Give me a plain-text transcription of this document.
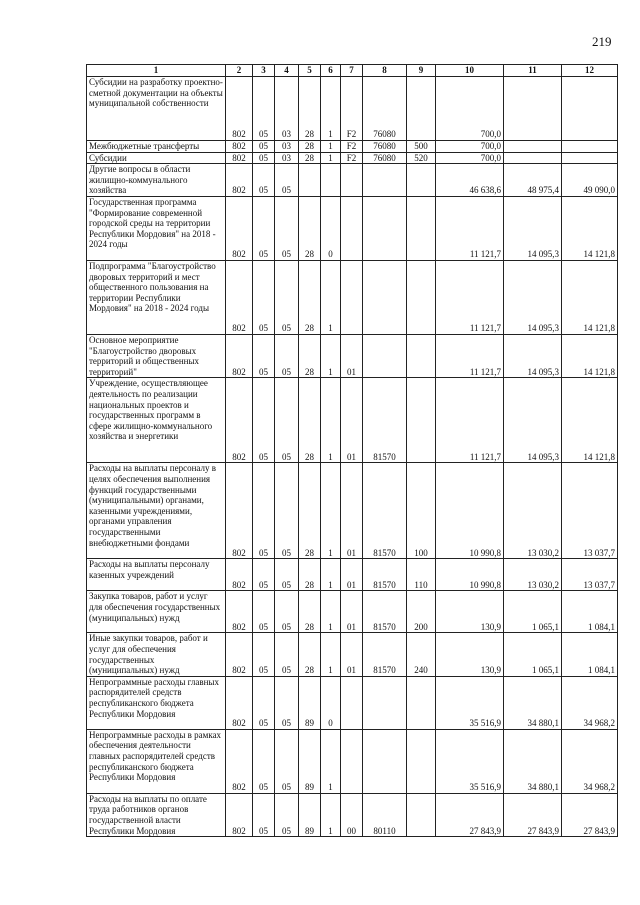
219
1	2	3	4	5	6	7	8	9	10	11	12

Субсидии на разработку проектно-сметной документации на объекты муниципальной собственности	802	05	03	28	1	F2	76080		700,0		

Межбюджетные трансферты	802	05	03	28	1	F2	76080	500	700,0		

Субсидии	802	05	03	28	1	F2	76080	520	700,0		

Другие вопросы в области жилищно-коммунального хозяйства	802	05	05						46 638,6	48 975,4	49 090,0

Государственная программа "Формирование современной городской среды на территории Республики Мордовия" на 2018 - 2024 годы	802	05	05	28	0				11 121,7	14 095,3	14 121,8

Подпрограмма "Благоустройство дворовых территорий и мест общественного пользования на территории Республики Мордовия" на 2018 - 2024 годы	802	05	05	28	1				11 121,7	14 095,3	14 121,8

Основное мероприятие "Благоустройство дворовых территорий и общественных территорий"	802	05	05	28	1	01			11 121,7	14 095,3	14 121,8

Учреждение, осуществляющее деятельность по реализации национальных проектов и государственных программ в сфере жилищно-коммунального хозяйства и энергетики	802	05	05	28	1	01	81570		11 121,7	14 095,3	14 121,8

Расходы на выплаты персоналу в целях обеспечения выполнения функций государственными (муниципальными) органами, казенными учреждениями, органами управления государственными внебюджетными фондами	802	05	05	28	1	01	81570	100	10 990,8	13 030,2	13 037,7

Расходы на выплаты персоналу казенных учреждений	802	05	05	28	1	01	81570	110	10 990,8	13 030,2	13 037,7

Закупка товаров, работ и услуг для обеспечения государственных (муниципальных) нужд	802	05	05	28	1	01	81570	200	130,9	1 065,1	1 084,1

Иные закупки товаров, работ и услуг для обеспечения государственных (муниципальных) нужд	802	05	05	28	1	01	81570	240	130,9	1 065,1	1 084,1

Непрограммные расходы главных распорядителей средств республиканского бюджета Республики Мордовия	802	05	05	89	0				35 516,9	34 880,1	34 968,2

Непрограммные расходы в рамках обеспечения деятельности главных распорядителей средств республиканского бюджета Республики Мордовия	802	05	05	89	1				35 516,9	34 880,1	34 968,2

Расходы на выплаты по оплате труда работников органов государственной власти Республики Мордовия	802	05	05	89	1	00	80110		27 843,9	27 843,9	27 843,9
